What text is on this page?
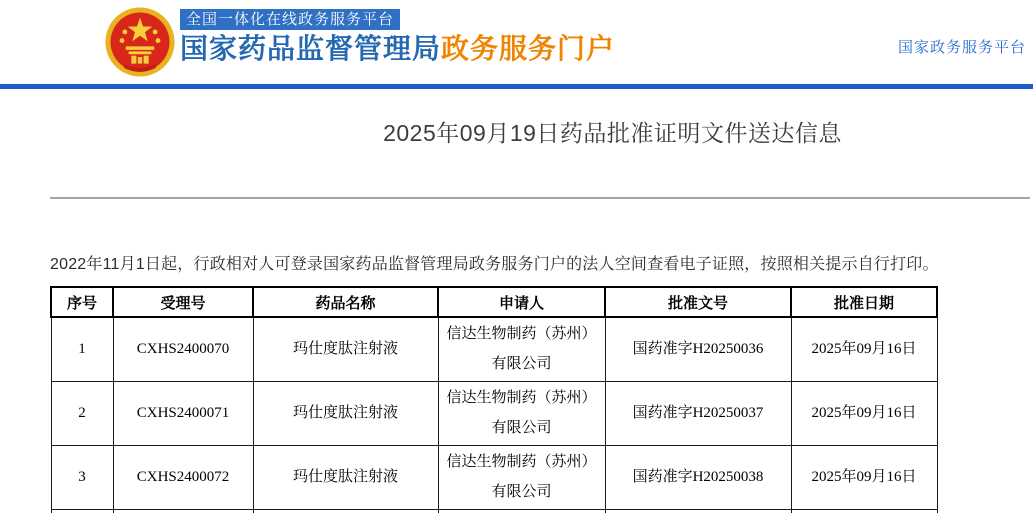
全国一体化在线政务服务平台
国家药品监督管理局政务服务门户	国家政务服务平台
2025年09月19日药品批准证明文件送达信息

2022年11月1日起，行政相对人可登录国家药品监督管理局政务服务门户的法人空间查看电子证照，按照相关提示自行打印。

序号	受理号	药品名称	申请人	批准文号	批准日期
1	CXHS2400070	玛仕度肽注射液	信达生物制药（苏州）有限公司	国药准字H20250036	2025年09月16日
2	CXHS2400071	玛仕度肽注射液	信达生物制药（苏州）有限公司	国药准字H20250037	2025年09月16日
3	CXHS2400072	玛仕度肽注射液	信达生物制药（苏州）有限公司	国药准字H20250038	2025年09月16日
